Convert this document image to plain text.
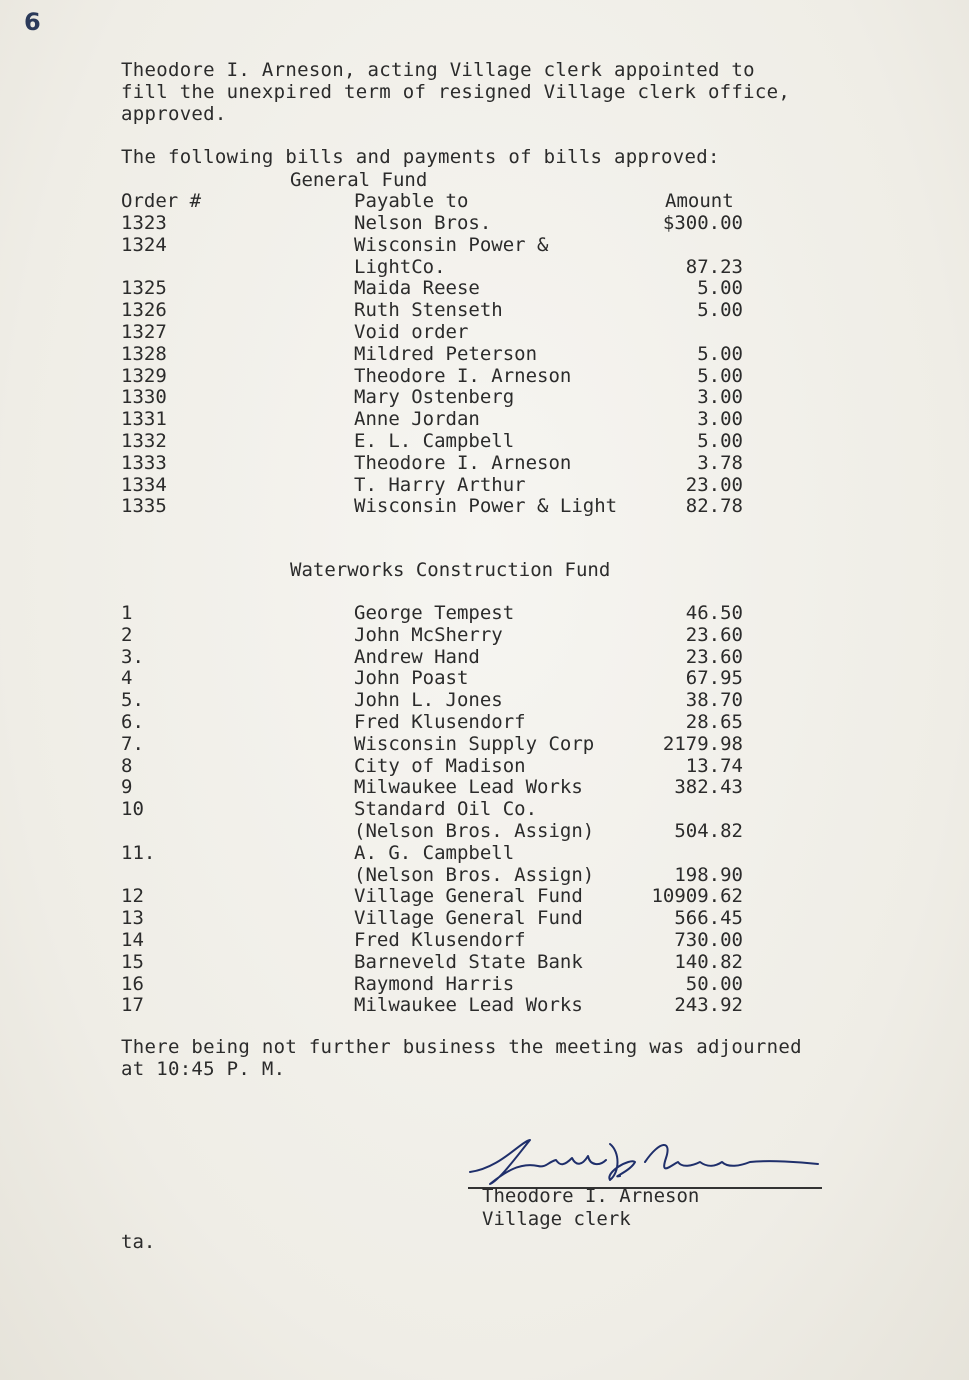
6
Theodore I. Arneson, acting Village clerk appointed to
fill the unexpired term of resigned Village clerk office,
approved.
The following bills and payments of bills approved:
General Fund
Order #	Payable to	Amount
1323	Nelson Bros.	$300.00
1324	Wisconsin Power &
LightCo.	87.23
1325	Maida Reese	5.00
1326	Ruth Stenseth	5.00
1327	Void order
1328	Mildred Peterson	5.00
1329	Theodore I. Arneson	5.00
1330	Mary Ostenberg	3.00
1331	Anne Jordan	3.00
1332	E. L. Campbell	5.00
1333	Theodore I. Arneson	3.78
1334	T. Harry Arthur	23.00
1335	Wisconsin Power & Light	82.78
Waterworks Construction Fund
1	George Tempest	46.50
2	John McSherry	23.60
3.	Andrew Hand	23.60
4	John Poast	67.95
5.	John L. Jones	38.70
6.	Fred Klusendorf	28.65
7.	Wisconsin Supply Corp	2179.98
8	City of Madison	13.74
9	Milwaukee Lead Works	382.43
10	Standard Oil Co.
(Nelson Bros. Assign)	504.82
11.	A. G. Campbell
(Nelson Bros. Assign)	198.90
12	Village General Fund	10909.62
13	Village General Fund	566.45
14	Fred Klusendorf	730.00
15	Barneveld State Bank	140.82
16	Raymond Harris	50.00
17	Milwaukee Lead Works	243.92
There being not further business the meeting was adjourned
at 10:45 P. M.
Theodore I. Arneson
Village clerk
ta.
